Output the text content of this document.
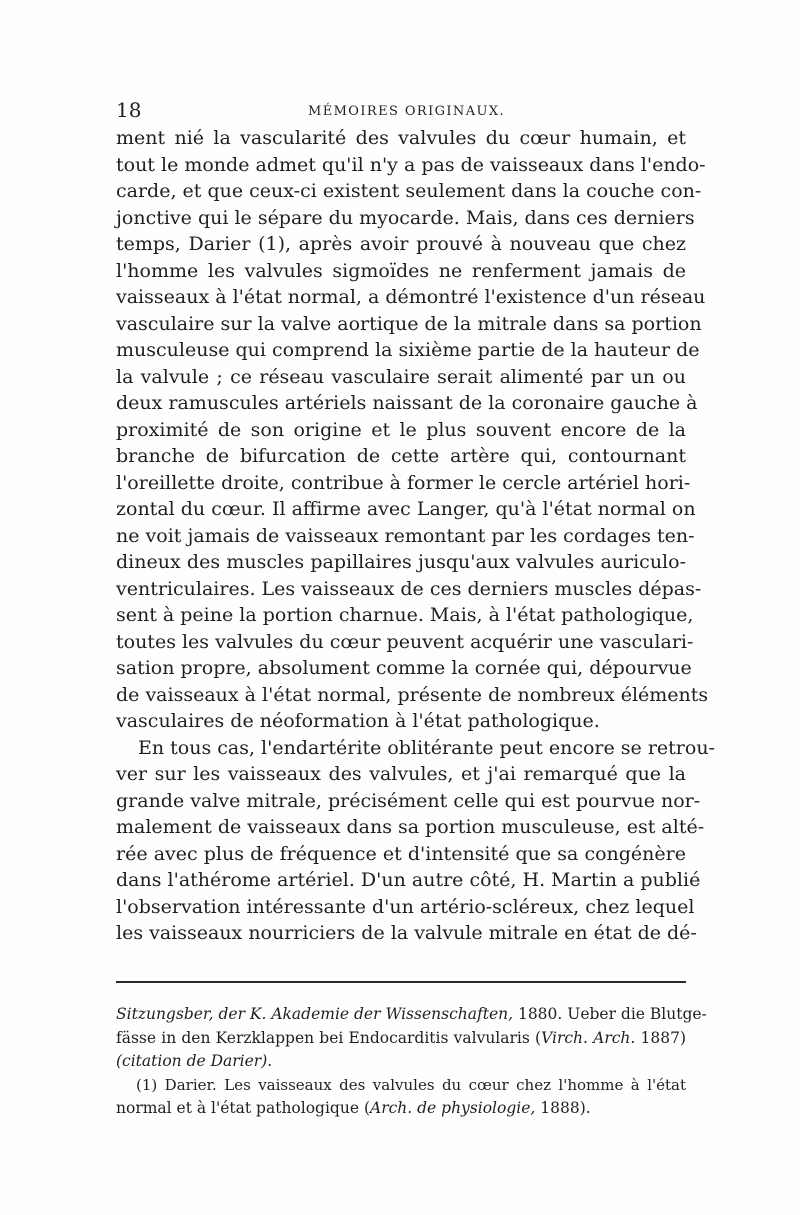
18	MÉMOIRES ORIGINAUX.
ment nié la vascularité des valvules du cœur humain, et
tout le monde admet qu'il n'y a pas de vaisseaux dans l'endo-
carde, et que ceux-ci existent seulement dans la couche con-
jonctive qui le sépare du myocarde. Mais, dans ces derniers
temps, Darier (1), après avoir prouvé à nouveau que chez
l'homme les valvules sigmoïdes ne renferment jamais de
vaisseaux à l'état normal, a démontré l'existence d'un réseau
vasculaire sur la valve aortique de la mitrale dans sa portion
musculeuse qui comprend la sixième partie de la hauteur de
la valvule ; ce réseau vasculaire serait alimenté par un ou
deux ramuscules artériels naissant de la coronaire gauche à
proximité de son origine et le plus souvent encore de la
branche de bifurcation de cette artère qui, contournant
l'oreillette droite, contribue à former le cercle artériel hori-
zontal du cœur. Il affirme avec Langer, qu'à l'état normal on
ne voit jamais de vaisseaux remontant par les cordages ten-
dineux des muscles papillaires jusqu'aux valvules auriculo-
ventriculaires. Les vaisseaux de ces derniers muscles dépas-
sent à peine la portion charnue. Mais, à l'état pathologique,
toutes les valvules du cœur peuvent acquérir une vasculari-
sation propre, absolument comme la cornée qui, dépourvue
de vaisseaux à l'état normal, présente de nombreux éléments
vasculaires de néoformation à l'état pathologique.
En tous cas, l'endartérite oblitérante peut encore se retrou-
ver sur les vaisseaux des valvules, et j'ai remarqué que la
grande valve mitrale, précisément celle qui est pourvue nor-
malement de vaisseaux dans sa portion musculeuse, est alté-
rée avec plus de fréquence et d'intensité que sa congénère
dans l'athérome artériel. D'un autre côté, H. Martin a publié
l'observation intéressante d'un artério-scléreux, chez lequel
les vaisseaux nourriciers de la valvule mitrale en état de dé-
Sitzungsber, der K. Akademie der Wissenschaften, 1880. Ueber die Blutge-
fässe in den Kerzklappen bei Endocarditis valvularis (Virch. Arch. 1887)
(citation de Darier).
(1) Darier. Les vaisseaux des valvules du cœur chez l'homme à l'état
normal et à l'état pathologique (Arch. de physiologie, 1888).
